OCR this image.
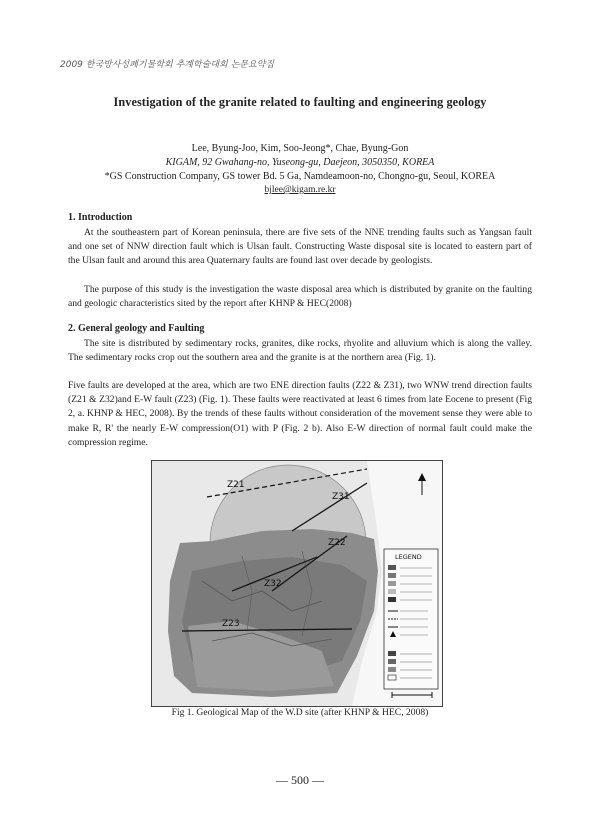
2009 한국방사성폐기물학회 추계학술대회 논문요약집
Investigation of the granite related to faulting and engineering geology
Lee, Byung-Joo, Kim, Soo-Jeong*, Chae, Byung-Gon
KIGAM, 92 Gwahang-no, Yuseong-gu, Daejeon, 3050350, KOREA
*GS Construction Company, GS tower Bd. 5 Ga, Namdeamoon-no, Chongno-gu, Seoul, KOREA
bjlee@kigam.re.kr
1. Introduction
At the southeastern part of Korean peninsula, there are five sets of the NNE trending faults such as Yangsan fault and one set of NNW direction fault which is Ulsan fault. Constructing Waste disposal site is located to eastern part of the Ulsan fault and around this area Quaternary faults are found last over decade by geologists.
The purpose of this study is the investigation the waste disposal area which is distributed by granite on the faulting and geologic characteristics sited by the report after KHNP & HEC(2008)
2. General geology and Faulting
The site is distributed by sedimentary rocks, granites, dike rocks, rhyolite and alluvium which is along the valley. The sedimentary rocks crop out the southern area and the granite is at the northern area (Fig. 1).
Five faults are developed at the area, which are two ENE direction faults (Z22 & Z31), two WNW trend direction faults (Z21 & Z32)and E-W fault (Z23) (Fig. 1). These faults were reactivated at least 6 times from late Eocene to present (Fig 2, a. KHNP & HEC, 2008). By the trends of these faults without consideration of the movement sense they were able to make R, R' the nearly E-W compression(O1) with P (Fig. 2 b). Also E-W direction of normal fault could make the compression regime.
Z21
Z31
Z22
Z32
Z23
LEGEND
Fig 1. Geological Map of the W.D site (after KHNP & HEC, 2008)
— 500 —
